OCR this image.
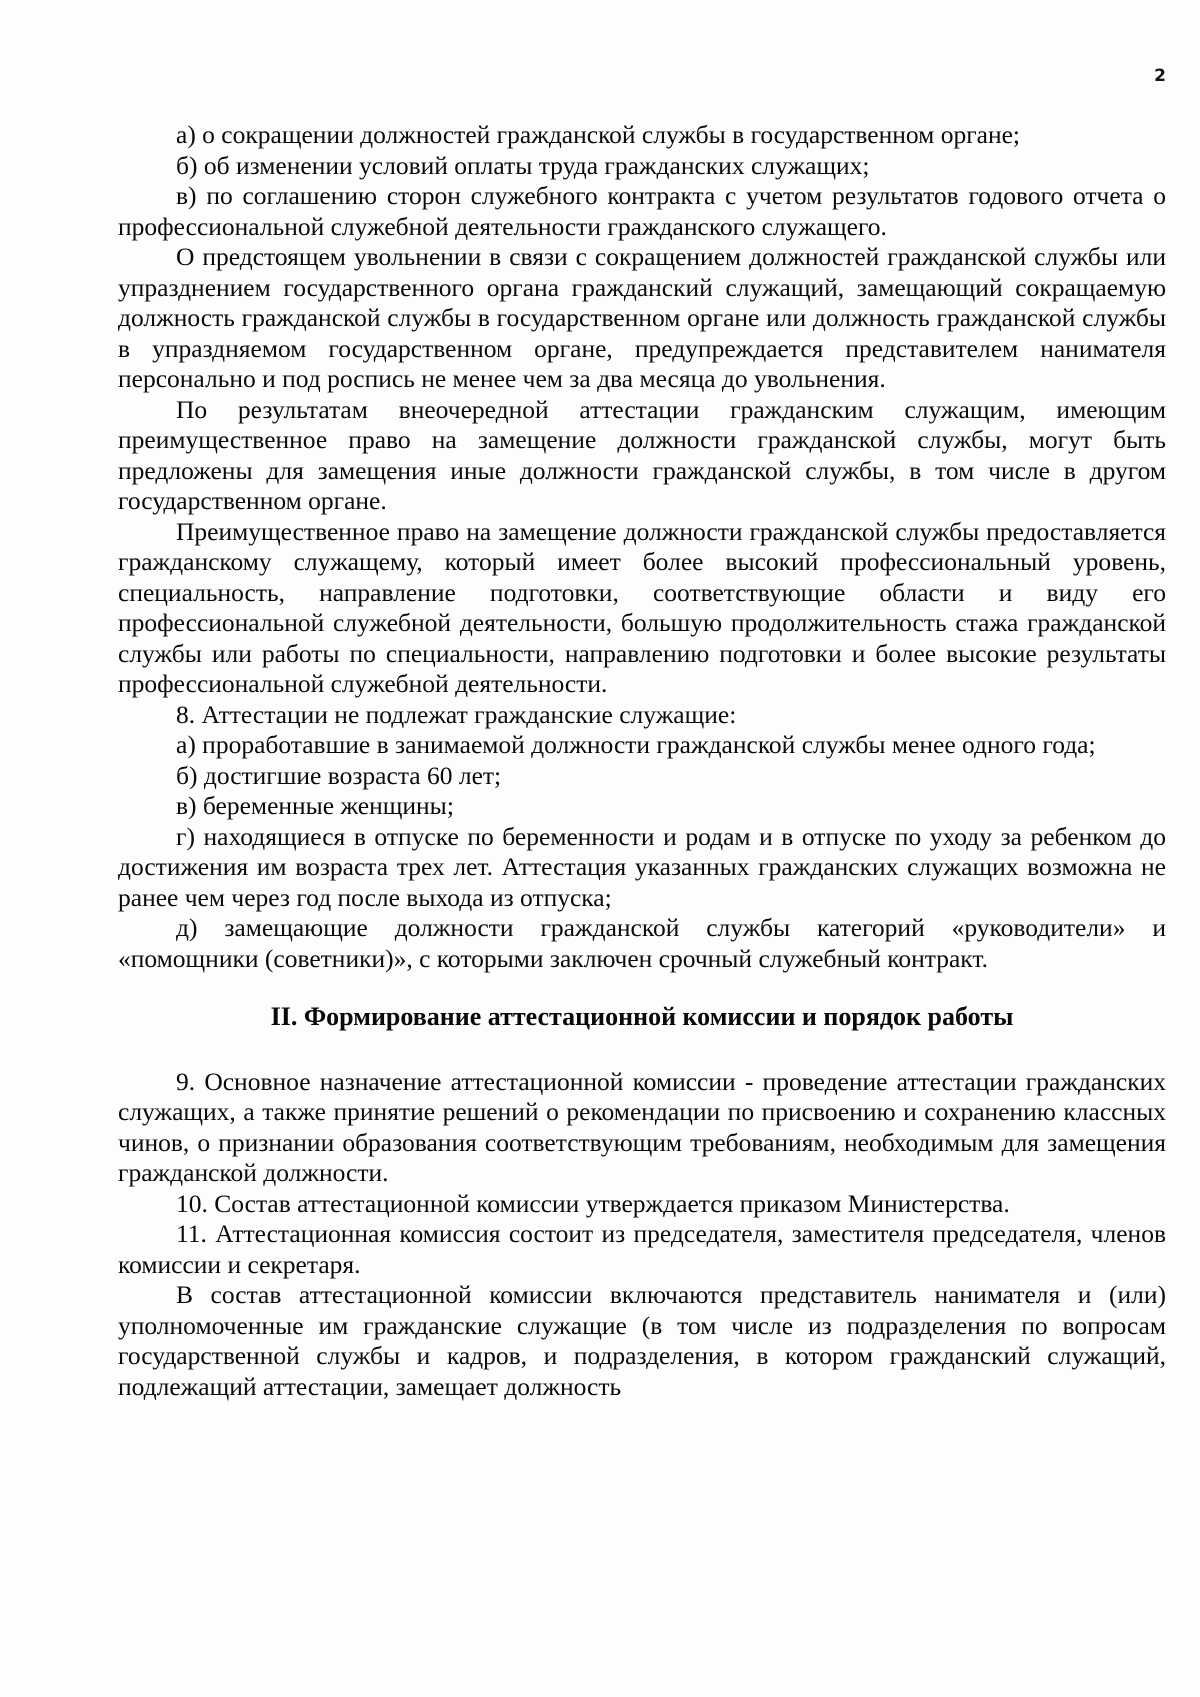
2

а) о сокращении должностей гражданской службы в государственном органе;

б) об изменении условий оплаты труда гражданских служащих;

в) по соглашению сторон служебного контракта с учетом результатов годового отчета о профессиональной служебной деятельности гражданского служащего.

О предстоящем увольнении в связи с сокращением должностей гражданской службы или упразднением государственного органа гражданский служащий, замещающий сокращаемую должность гражданской службы в государственном органе или должность гражданской службы в упраздняемом государственном органе, предупреждается представителем нанимателя персонально и под роспись не менее чем за два месяца до увольнения.

По результатам внеочередной аттестации гражданским служащим, имеющим преимущественное право на замещение должности гражданской службы, могут быть предложены для замещения иные должности гражданской службы, в том числе в другом государственном органе.

Преимущественное право на замещение должности гражданской службы предоставляется гражданскому служащему, который имеет более высокий профессиональный уровень, специальность, направление подготовки, соответствующие области и виду его профессиональной служебной деятельности, большую продолжительность стажа гражданской службы или работы по специальности, направлению подготовки и более высокие результаты профессиональной служебной деятельности.

8. Аттестации не подлежат гражданские служащие:

а) проработавшие в занимаемой должности гражданской службы менее одного года;

б) достигшие возраста 60 лет;

в) беременные женщины;

г) находящиеся в отпуске по беременности и родам и в отпуске по уходу за ребенком до достижения им возраста трех лет. Аттестация указанных гражданских служащих возможна не ранее чем через год после выхода из отпуска;

д) замещающие должности гражданской службы категорий «руководители» и «помощники (советники)», с которыми заключен срочный служебный контракт.

II. Формирование аттестационной комиссии и порядок работы

9. Основное назначение аттестационной комиссии - проведение аттестации гражданских служащих, а также принятие решений о рекомендации по присвоению и сохранению классных чинов, о признании образования соответствующим требованиям, необходимым для замещения гражданской должности.

10. Состав аттестационной комиссии утверждается приказом Министерства.

11. Аттестационная комиссия состоит из председателя, заместителя председателя, членов комиссии и секретаря.

В состав аттестационной комиссии включаются представитель нанимателя и (или) уполномоченные им гражданские служащие (в том числе из подразделения по вопросам государственной службы и кадров, и подразделения, в котором гражданский служащий, подлежащий аттестации, замещает должность
